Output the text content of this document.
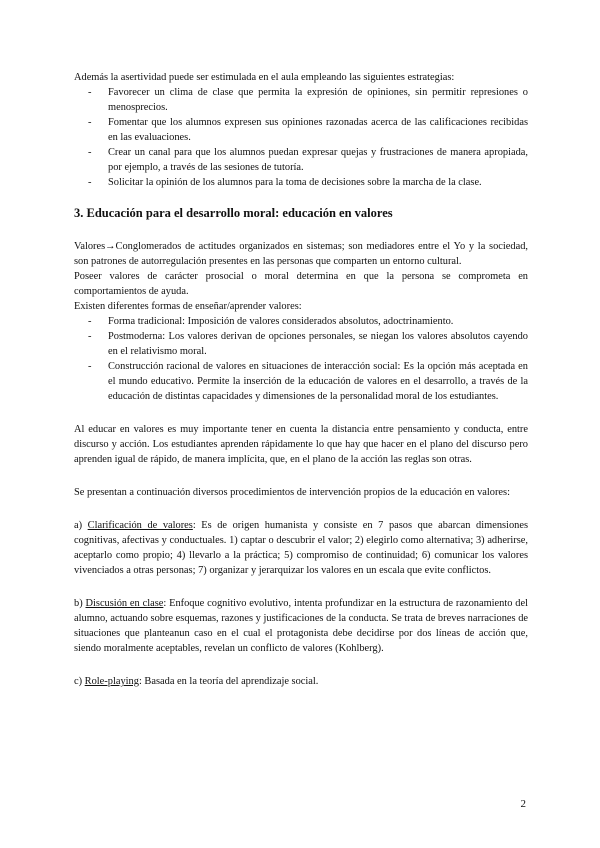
Además la asertividad puede ser estimulada en el aula empleando las siguientes estrategias:

- Favorecer un clima de clase que permita la expresión de opiniones, sin permitir represiones o menosprecios.
- Fomentar que los alumnos expresen sus opiniones razonadas acerca de las calificaciones recibidas en las evaluaciones.
- Crear un canal para que los alumnos puedan expresar quejas y frustraciones de manera apropiada, por ejemplo, a través de las sesiones de tutoría.
- Solicitar la opinión de los alumnos para la toma de decisiones sobre la marcha de la clase.
3. Educación para el desarrollo moral: educación en valores

Valores→Conglomerados de actitudes organizados en sistemas; son mediadores entre el Yo y la sociedad, son patrones de autorregulación presentes en las personas que comparten un entorno cultural.

Poseer valores de carácter prosocial o moral determina en que la persona se comprometa en comportamientos de ayuda.

Existen diferentes formas de enseñar/aprender valores:

- Forma tradicional: Imposición de valores considerados absolutos, adoctrinamiento.
- Postmoderna: Los valores derivan de opciones personales, se niegan los valores absolutos cayendo en el relativismo moral.
- Construcción racional de valores en situaciones de interacción social: Es la opción más aceptada en el mundo educativo. Permite la inserción de la educación de valores en el desarrollo, a través de la educación de distintas capacidades y dimensiones de la personalidad moral de los estudiantes.

Al educar en valores es muy importante tener en cuenta la distancia entre pensamiento y conducta, entre discurso y acción. Los estudiantes aprenden rápidamente lo que hay que hacer en el plano del discurso pero aprenden igual de rápido, de manera implícita, que, en el plano de la acción las reglas son otras.

Se presentan a continuación diversos procedimientos de intervención propios de la educación en valores:

a) Clarificación de valores: Es de origen humanista y consiste en 7 pasos que abarcan dimensiones cognitivas, afectivas y conductuales. 1) captar o descubrir el valor; 2) elegirlo como alternativa; 3) adherirse, aceptarlo como propio; 4) llevarlo a la práctica; 5) compromiso de continuidad; 6) comunicar los valores vivenciados a otras personas; 7) organizar y jerarquizar los valores en un escala que evite conflictos.

b) Discusión en clase: Enfoque cognitivo evolutivo, intenta profundizar en la estructura de razonamiento del alumno, actuando sobre esquemas, razones y justificaciones de la conducta. Se trata de breves narraciones de situaciones que planteanun caso en el cual el protagonista debe decidirse por dos líneas de acción que, siendo moralmente aceptables, revelan un conflicto de valores (Kohlberg).

c) Role-playing: Basada en la teoría del aprendizaje social.

2
